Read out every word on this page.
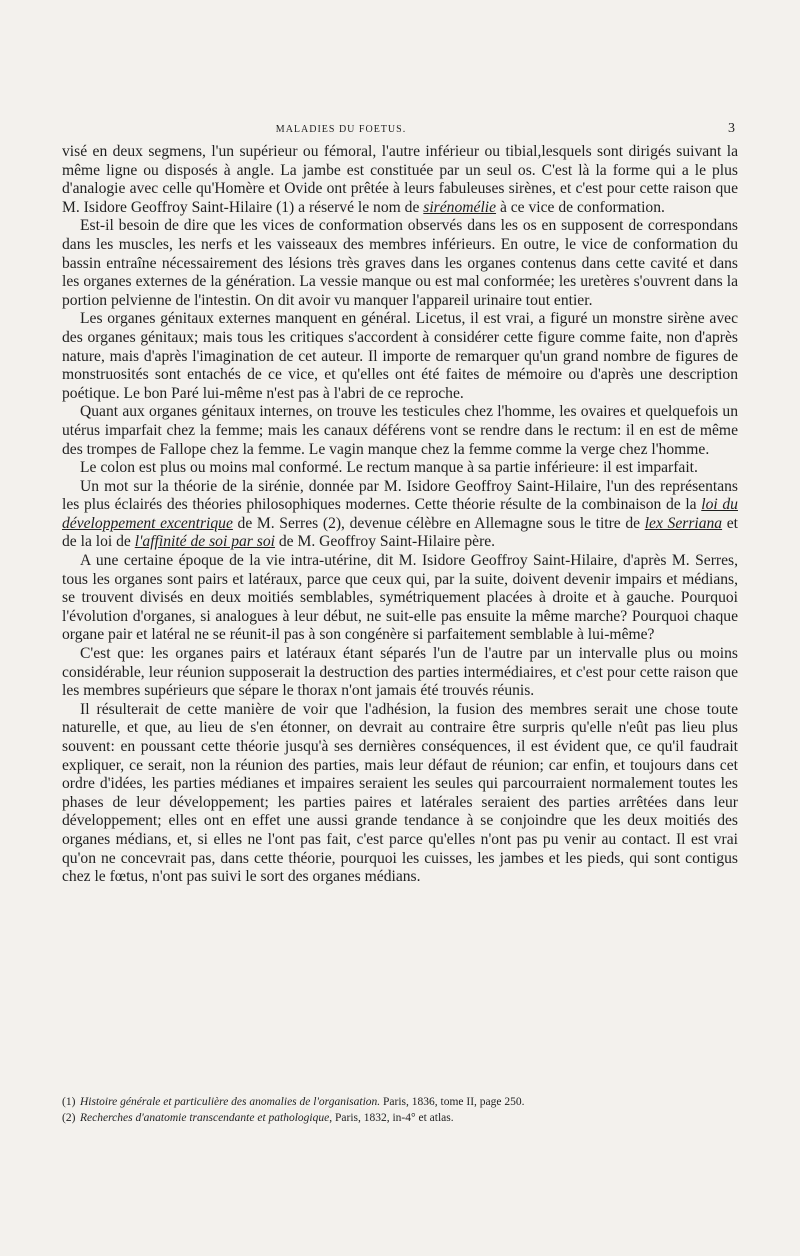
MALADIES DU FOETUS.	3

visé en deux segmens, l'un supérieur ou fémoral, l'autre inférieur ou tibial,lesquels sont dirigés suivant la même ligne ou disposés à angle. La jambe est constituée par un seul os. C'est là la forme qui a le plus d'analogie avec celle qu'Homère et Ovide ont prêtée à leurs fabuleuses sirènes, et c'est pour cette raison que M. Isidore Geoffroy Saint-Hilaire (1) a réservé le nom de sirénomélie à ce vice de conformation.

Est-il besoin de dire que les vices de conformation observés dans les os en supposent de correspondans dans les muscles, les nerfs et les vaisseaux des membres inférieurs. En outre, le vice de conformation du bassin entraîne nécessairement des lésions très graves dans les organes contenus dans cette cavité et dans les organes externes de la génération. La vessie manque ou est mal conformée; les uretères s'ouvrent dans la portion pelvienne de l'intestin. On dit avoir vu manquer l'appareil urinaire tout entier.

Les organes génitaux externes manquent en général. Licetus, il est vrai, a figuré un monstre sirène avec des organes génitaux; mais tous les critiques s'accordent à considérer cette figure comme faite, non d'après nature, mais d'après l'imagination de cet auteur. Il importe de remarquer qu'un grand nombre de figures de monstruosités sont entachés de ce vice, et qu'elles ont été faites de mémoire ou d'après une description poétique. Le bon Paré lui-même n'est pas à l'abri de ce reproche.

Quant aux organes génitaux internes, on trouve les testicules chez l'homme, les ovaires et quelquefois un utérus imparfait chez la femme; mais les canaux déférens vont se rendre dans le rectum: il en est de même des trompes de Fallope chez la femme. Le vagin manque chez la femme comme la verge chez l'homme.

Le colon est plus ou moins mal conformé. Le rectum manque à sa partie inférieure: il est imparfait.

Un mot sur la théorie de la sirénie, donnée par M. Isidore Geoffroy Saint-Hilaire, l'un des représentans les plus éclairés des théories philosophiques modernes. Cette théorie résulte de la combinaison de la loi du développement excentrique de M. Serres (2), devenue célèbre en Allemagne sous le titre de lex Serriana et de la loi de l'affinité de soi par soi de M. Geoffroy Saint-Hilaire père.

A une certaine époque de la vie intra-utérine, dit M. Isidore Geoffroy Saint-Hilaire, d'après M. Serres, tous les organes sont pairs et latéraux, parce que ceux qui, par la suite, doivent devenir impairs et médians, se trouvent divisés en deux moitiés semblables, symétriquement placées à droite et à gauche. Pourquoi l'évolution d'organes, si analogues à leur début, ne suit-elle pas ensuite la même marche? Pourquoi chaque organe pair et latéral ne se réunit-il pas à son congénère si parfaitement semblable à lui-même?

C'est que: les organes pairs et latéraux étant séparés l'un de l'autre par un intervalle plus ou moins considérable, leur réunion supposerait la destruction des parties intermédiaires, et c'est pour cette raison que les membres supérieurs que sépare le thorax n'ont jamais été trouvés réunis.

Il résulterait de cette manière de voir que l'adhésion, la fusion des membres serait une chose toute naturelle, et que, au lieu de s'en étonner, on devrait au contraire être surpris qu'elle n'eût pas lieu plus souvent: en poussant cette théorie jusqu'à ses dernières conséquences, il est évident que, ce qu'il faudrait expliquer, ce serait, non la réunion des parties, mais leur défaut de réunion; car enfin, et toujours dans cet ordre d'idées, les parties médianes et impaires seraient les seules qui parcourraient normalement toutes les phases de leur développement; les parties paires et latérales seraient des parties arrêtées dans leur développement; elles ont en effet une aussi grande tendance à se conjoindre que les deux moitiés des organes médians, et, si elles ne l'ont pas fait, c'est parce qu'elles n'ont pas pu venir au contact. Il est vrai qu'on ne concevrait pas, dans cette théorie, pourquoi les cuisses, les jambes et les pieds, qui sont contigus chez le fœtus, n'ont pas suivi le sort des organes médians.

(1) Histoire générale et particulière des anomalies de l'organisation. Paris, 1836, tome II, page 250.
(2) Recherches d'anatomie transcendante et pathologique, Paris, 1832, in-4° et atlas.
